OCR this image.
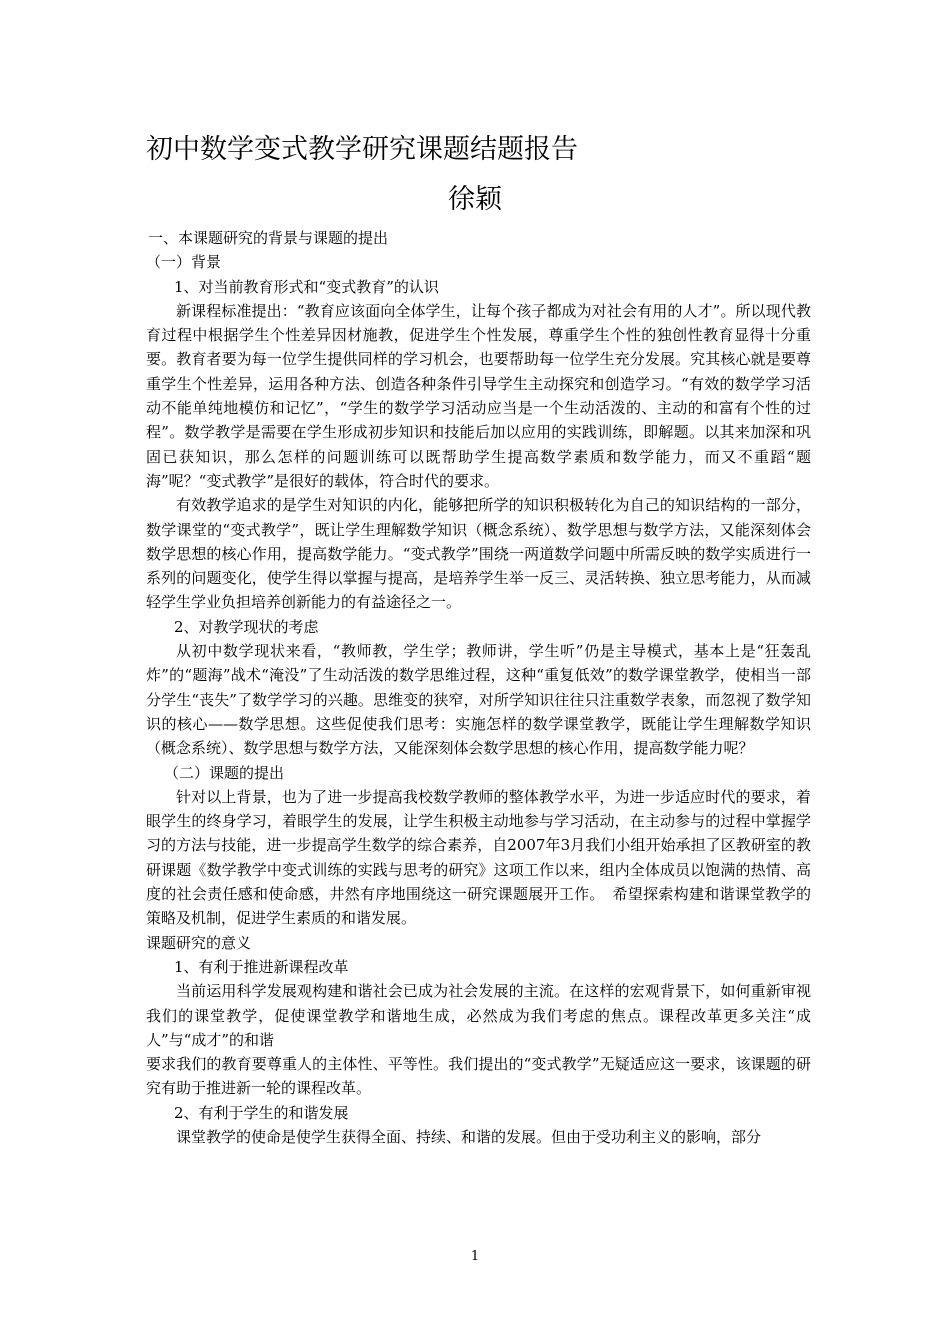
初中数学变式教学研究课题结题报告
徐颖

一、本课题研究的背景与课题的提出

（一）背景

1、对当前教育形式和“变式教育”的认识

新课程标准提出：“教育应该面向全体学生，让每个孩子都成为对社会有用的人才”。所以现代教育过程中根据学生个性差异因材施教，促进学生个性发展，尊重学生个性的独创性教育显得十分重要。教育者要为每一位学生提供同样的学习机会，也要帮助每一位学生充分发展。究其核心就是要尊重学生个性差异，运用各种方法、创造各种条件引导学生主动探究和创造学习。“有效的数学学习活动不能单纯地模仿和记忆”，“学生的数学学习活动应当是一个生动活泼的、主动的和富有个性的过程”。数学教学是需要在学生形成初步知识和技能后加以应用的实践训练，即解题。以其来加深和巩固已获知识，那么怎样的问题训练可以既帮助学生提高数学素质和数学能力，而又不重蹈“题海”呢？“变式教学”是很好的载体，符合时代的要求。

有效教学追求的是学生对知识的内化，能够把所学的知识积极转化为自己的知识结构的一部分，数学课堂的“变式教学”，既让学生理解数学知识（概念系统）、数学思想与数学方法，又能深刻体会数学思想的核心作用，提高数学能力。“变式教学”围绕一两道数学问题中所需反映的数学实质进行一系列的问题变化，使学生得以掌握与提高，是培养学生举一反三、灵活转换、独立思考能力，从而减轻学生学业负担培养创新能力的有益途径之一。

2、对教学现状的考虑

从初中数学现状来看，“教师教，学生学；教师讲，学生听”仍是主导模式，基本上是“狂轰乱炸”的“题海”战术“淹没”了生动活泼的数学思维过程，这种“重复低效”的数学课堂教学，使相当一部分学生“丧失”了数学学习的兴趣。思维变的狭窄，对所学知识往往只注重数学表象，而忽视了数学知识的核心——数学思想。这些促使我们思考：实施怎样的数学课堂教学，既能让学生理解数学知识（概念系统）、数学思想与数学方法，又能深刻体会数学思想的核心作用，提高数学能力呢？

（二）课题的提出

针对以上背景，也为了进一步提高我校数学教师的整体教学水平，为进一步适应时代的要求，着眼学生的终身学习，着眼学生的发展，让学生积极主动地参与学习活动，在主动参与的过程中掌握学习的方法与技能，进一步提高学生数学的综合素养，自2007年3月我们小组开始承担了区教研室的教研课题《数学教学中变式训练的实践与思考的研究》这项工作以来，组内全体成员以饱满的热情、高度的社会责任感和使命感，井然有序地围绕这一研究课题展开工作。　希望探索构建和谐课堂教学的策略及机制，促进学生素质的和谐发展。

课题研究的意义

1、有利于推进新课程改革

当前运用科学发展观构建和谐社会已成为社会发展的主流。在这样的宏观背景下，如何重新审视我们的课堂教学，促使课堂教学和谐地生成，必然成为我们考虑的焦点。课程改革更多关注“成人”与“成才”的和谐

要求我们的教育要尊重人的主体性、平等性。我们提出的“变式教学”无疑适应这一要求，该课题的研究有助于推进新一轮的课程改革。

2、有利于学生的和谐发展

课堂教学的使命是使学生获得全面、持续、和谐的发展。但由于受功利主义的影响，部分

1
